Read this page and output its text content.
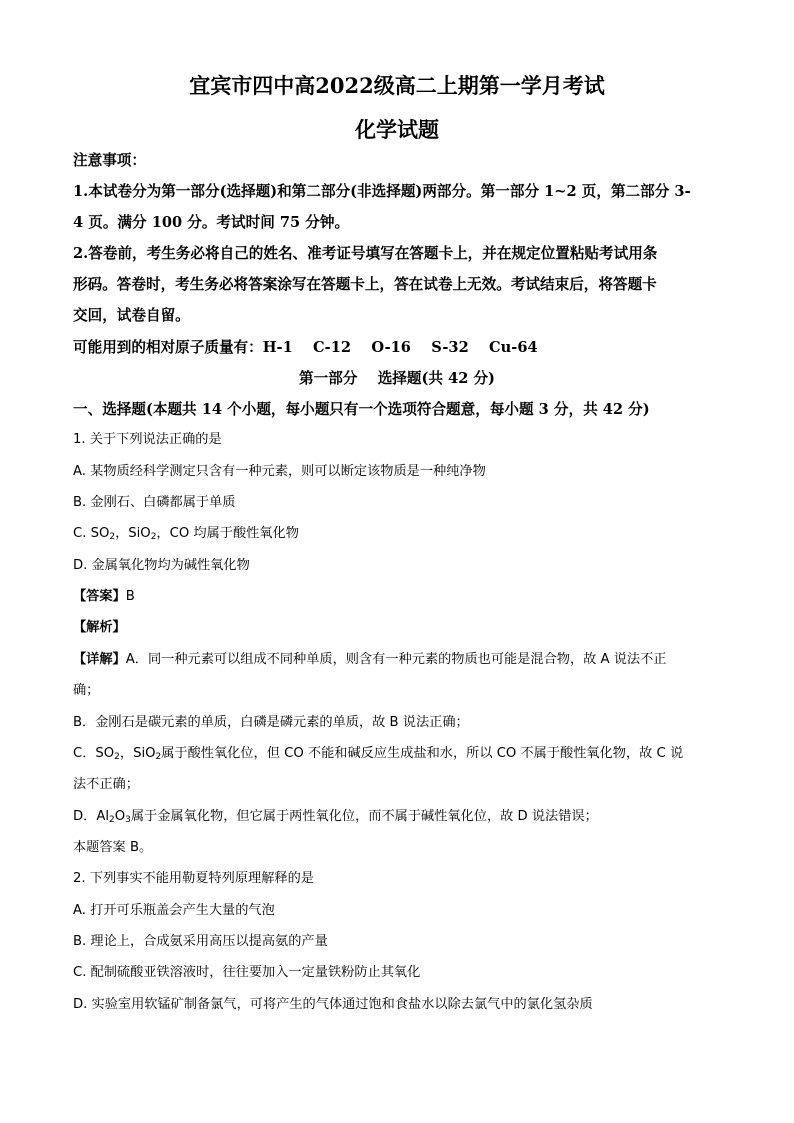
宜宾市四中高2022级高二上期第一学月考试
化学试题
注意事项：
1.本试卷分为第一部分(选择题)和第二部分(非选择题)两部分。第一部分 1~2 页，第二部分 3-
4 页。满分 100 分。考试时间 75 分钟。
2.答卷前，考生务必将自己的姓名、准考证号填写在答题卡上，并在规定位置粘贴考试用条
形码。答卷时，考生务必将答案涂写在答题卡上，答在试卷上无效。考试结束后，将答题卡
交回，试卷自留。
可能用到的相对原子质量有：H-1    C-12    O-16    S-32    Cu-64
第一部分    选择题(共 42 分)
一、选择题(本题共 14 个小题，每小题只有一个选项符合题意，每小题 3 分，共 42 分)
1. 关于下列说法正确的是
A. 某物质经科学测定只含有一种元素，则可以断定该物质是一种纯净物
B. 金刚石、白磷都属于单质
C. $SO_2$，SiO$_2$，CO 均属于酸性氧化物
D. 金属氧化物均为碱性氧化物
【答案】B
【解析】
【详解】A．同一种元素可以组成不同种单质，则含有一种元素的物质也可能是混合物，故 A 说法不正
确；
B．金刚石是碳元素的单质，白磷是磷元素的单质，故 B 说法正确；
C．$SO_2$，SiO$_2$属于酸性氧化位，但 CO 不能和碱反应生成盐和水，所以 CO 不属于酸性氧化物，故 C 说
法不正确；
D．$Al_2O_3$属于金属氧化物，但它属于两性氧化位，而不属于碱性氧化位，故 D 说法错误；
本题答案 B。
2. 下列事实不能用勒夏特列原理解释的是
A. 打开可乐瓶盖会产生大量的气泡
B. 理论上，合成氨采用高压以提高氨的产量
C. 配制硫酸亚铁溶液时，往往要加入一定量铁粉防止其氧化
D. 实验室用软锰矿制备氯气，可将产生的气体通过饱和食盐水以除去氯气中的氯化氢杂质
